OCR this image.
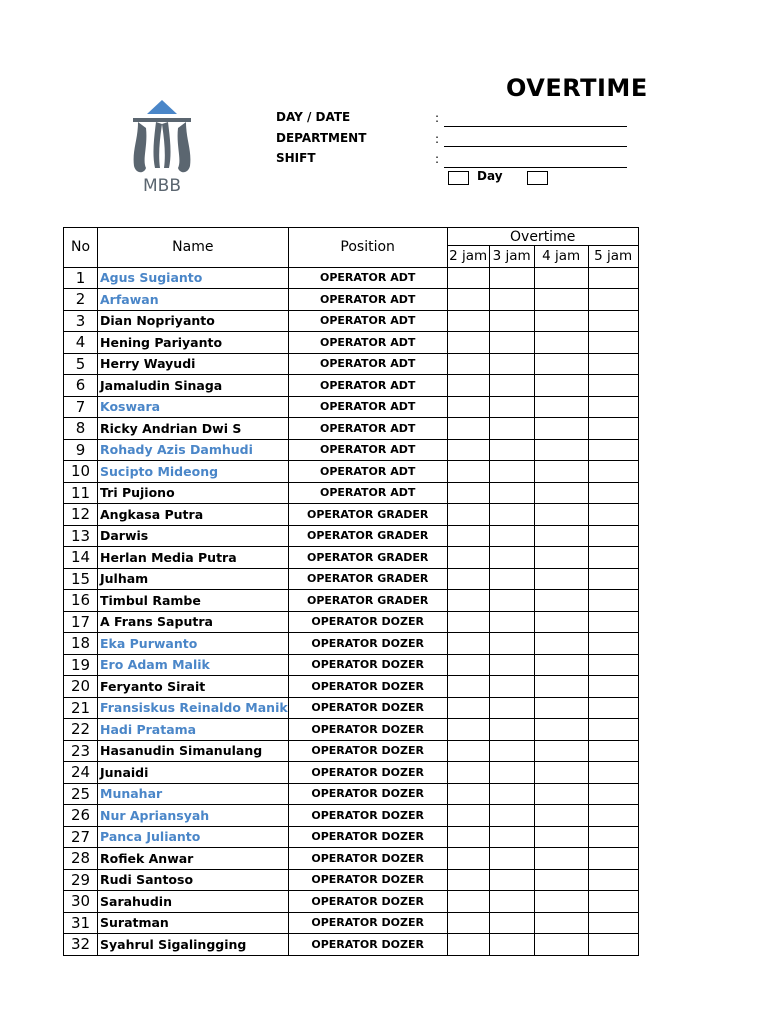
OVERTIME
MBB
DAY / DATE
DEPARTMENT
SHIFT
:
:
:
Day
No	Name	Position	Overtime			
			2 jam	3 jam	4 jam	5 jam
1	Agus Sugianto	OPERATOR ADT				
2	Arfawan	OPERATOR ADT				
3	Dian Nopriyanto	OPERATOR ADT				
4	Hening Pariyanto	OPERATOR ADT				
5	Herry Wayudi	OPERATOR ADT				
6	Jamaludin Sinaga	OPERATOR ADT				
7	Koswara	OPERATOR ADT				
8	Ricky Andrian Dwi S	OPERATOR ADT				
9	Rohady Azis Damhudi	OPERATOR ADT				
10	Sucipto Mideong	OPERATOR ADT				
11	Tri Pujiono	OPERATOR ADT				
12	Angkasa Putra	OPERATOR GRADER				
13	Darwis	OPERATOR GRADER				
14	Herlan Media Putra	OPERATOR GRADER				
15	Julham	OPERATOR GRADER				
16	Timbul Rambe	OPERATOR GRADER				
17	A Frans Saputra	OPERATOR DOZER				
18	Eka Purwanto	OPERATOR DOZER				
19	Ero Adam Malik	OPERATOR DOZER				
20	Feryanto Sirait	OPERATOR DOZER				
21	Fransiskus Reinaldo Manik	OPERATOR DOZER				
22	Hadi Pratama	OPERATOR DOZER				
23	Hasanudin Simanulang	OPERATOR DOZER				
24	Junaidi	OPERATOR DOZER				
25	Munahar	OPERATOR DOZER				
26	Nur Apriansyah	OPERATOR DOZER				
27	Panca Julianto	OPERATOR DOZER				
28	Rofiek Anwar	OPERATOR DOZER				
29	Rudi Santoso	OPERATOR DOZER				
30	Sarahudin	OPERATOR DOZER				
31	Suratman	OPERATOR DOZER				
32	Syahrul Sigalingging	OPERATOR DOZER				
